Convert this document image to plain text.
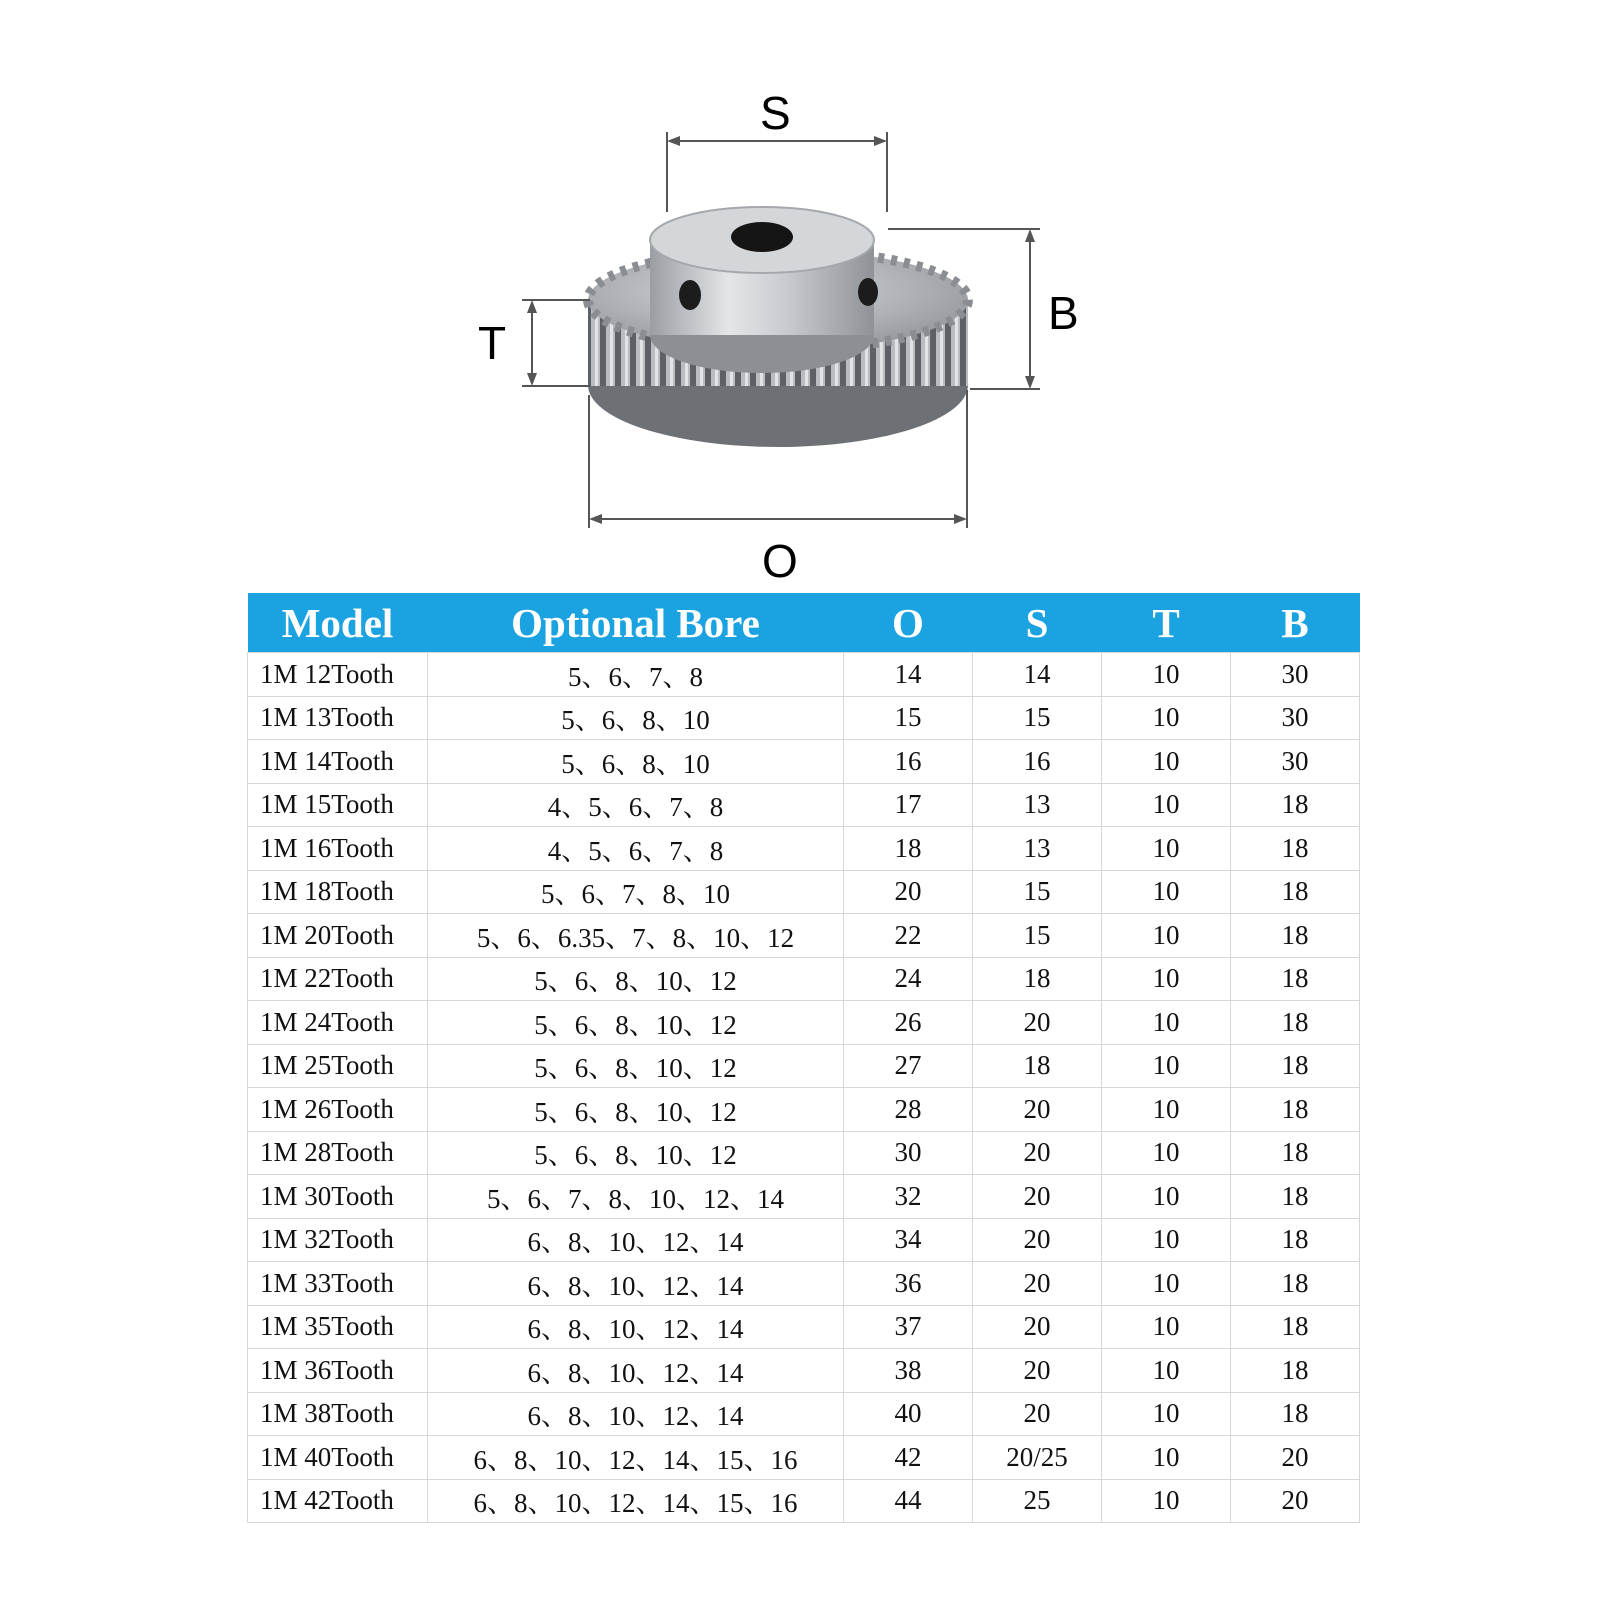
S
B
T
O
Model	Optional Bore	O	S	T	B
1M 12Tooth	5、6、7、8	14	14	10	30
1M 13Tooth	5、6、8、10	15	15	10	30
1M 14Tooth	5、6、8、10	16	16	10	30
1M 15Tooth	4、5、6、7、8	17	13	10	18
1M 16Tooth	4、5、6、7、8	18	13	10	18
1M 18Tooth	5、6、7、8、10	20	15	10	18
1M 20Tooth	5、6、6.35、7、8、10、12	22	15	10	18
1M 22Tooth	5、6、8、10、12	24	18	10	18
1M 24Tooth	5、6、8、10、12	26	20	10	18
1M 25Tooth	5、6、8、10、12	27	18	10	18
1M 26Tooth	5、6、8、10、12	28	20	10	18
1M 28Tooth	5、6、8、10、12	30	20	10	18
1M 30Tooth	5、6、7、8、10、12、14	32	20	10	18
1M 32Tooth	6、8、10、12、14	34	20	10	18
1M 33Tooth	6、8、10、12、14	36	20	10	18
1M 35Tooth	6、8、10、12、14	37	20	10	18
1M 36Tooth	6、8、10、12、14	38	20	10	18
1M 38Tooth	6、8、10、12、14	40	20	10	18
1M 40Tooth	6、8、10、12、14、15、16	42	20/25	10	20
1M 42Tooth	6、8、10、12、14、15、16	44	25	10	20
